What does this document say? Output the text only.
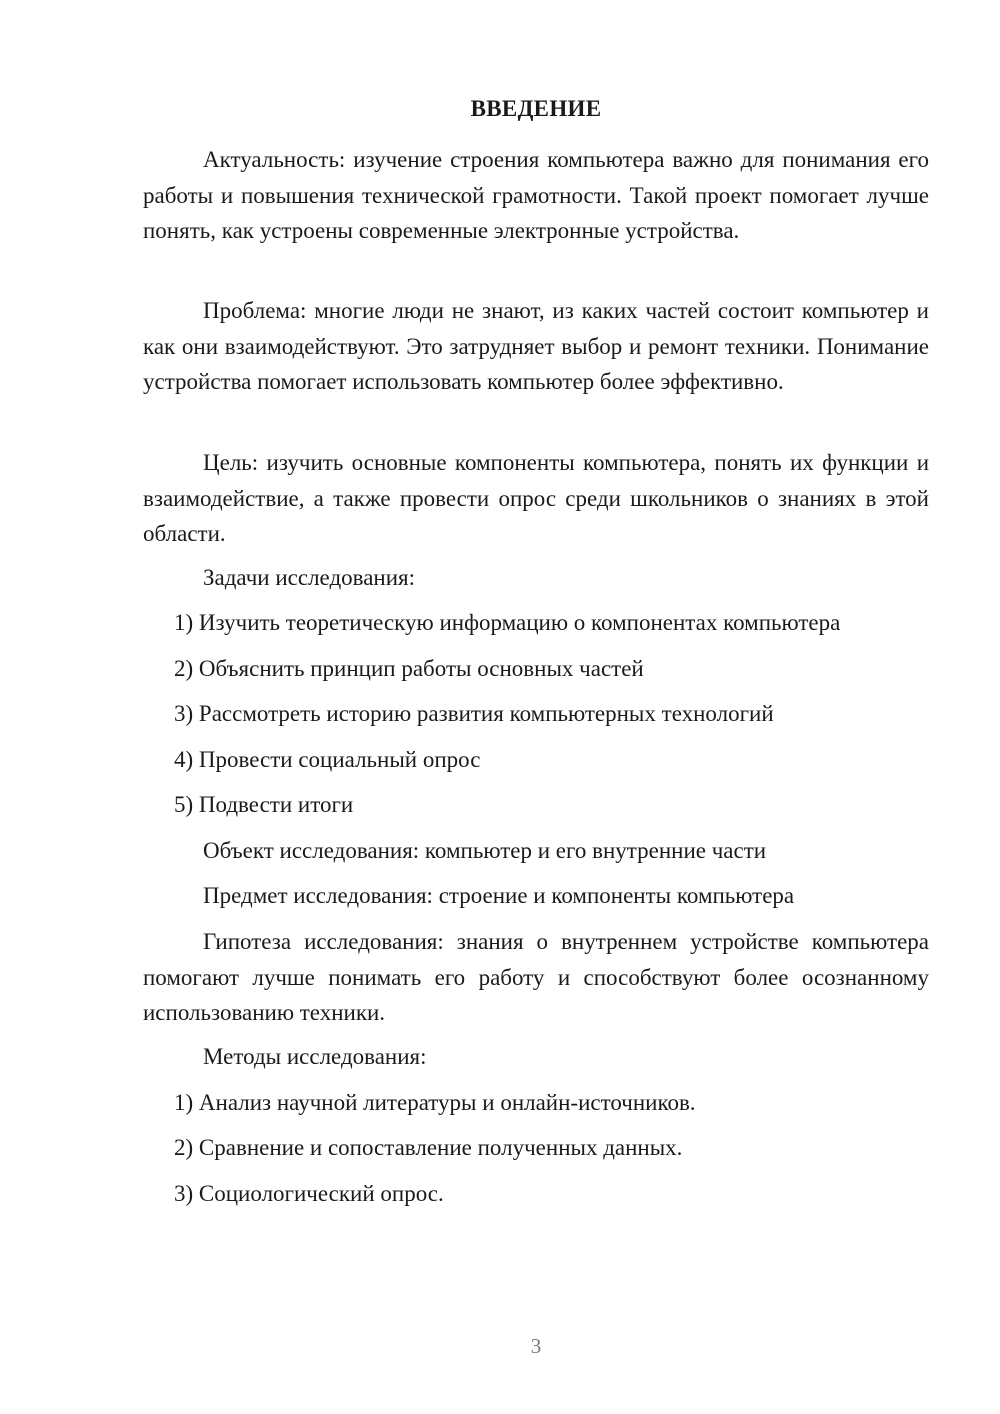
ВВЕДЕНИЕ

Актуальность: изучение строения компьютера важно для понимания его работы и повышения технической грамотности. Такой проект помогает лучше понять, как устроены современные электронные устройства.

Проблема: многие люди не знают, из каких частей состоит компьютер и как они взаимодействуют. Это затрудняет выбор и ремонт техники. Понимание устройства помогает использовать компьютер более эффективно.

Цель: изучить основные компоненты компьютера, понять их функции и взаимодействие, а также провести опрос среди школьников о знаниях в этой области.

Задачи исследования:
1) Изучить теоретическую информацию о компонентах компьютера
2) Объяснить принцип работы основных частей
3) Рассмотреть историю развития компьютерных технологий
4) Провести социальный опрос
5) Подвести итоги
Объект исследования: компьютер и его внутренние части
Предмет исследования: строение и компоненты компьютера

Гипотеза исследования: знания о внутреннем устройстве компьютера помогают лучше понимать его работу и способствуют более осознанному использованию техники.

Методы исследования:
1) Анализ научной литературы и онлайн-источников.
2) Сравнение и сопоставление полученных данных.
3) Социологический опрос.
3
